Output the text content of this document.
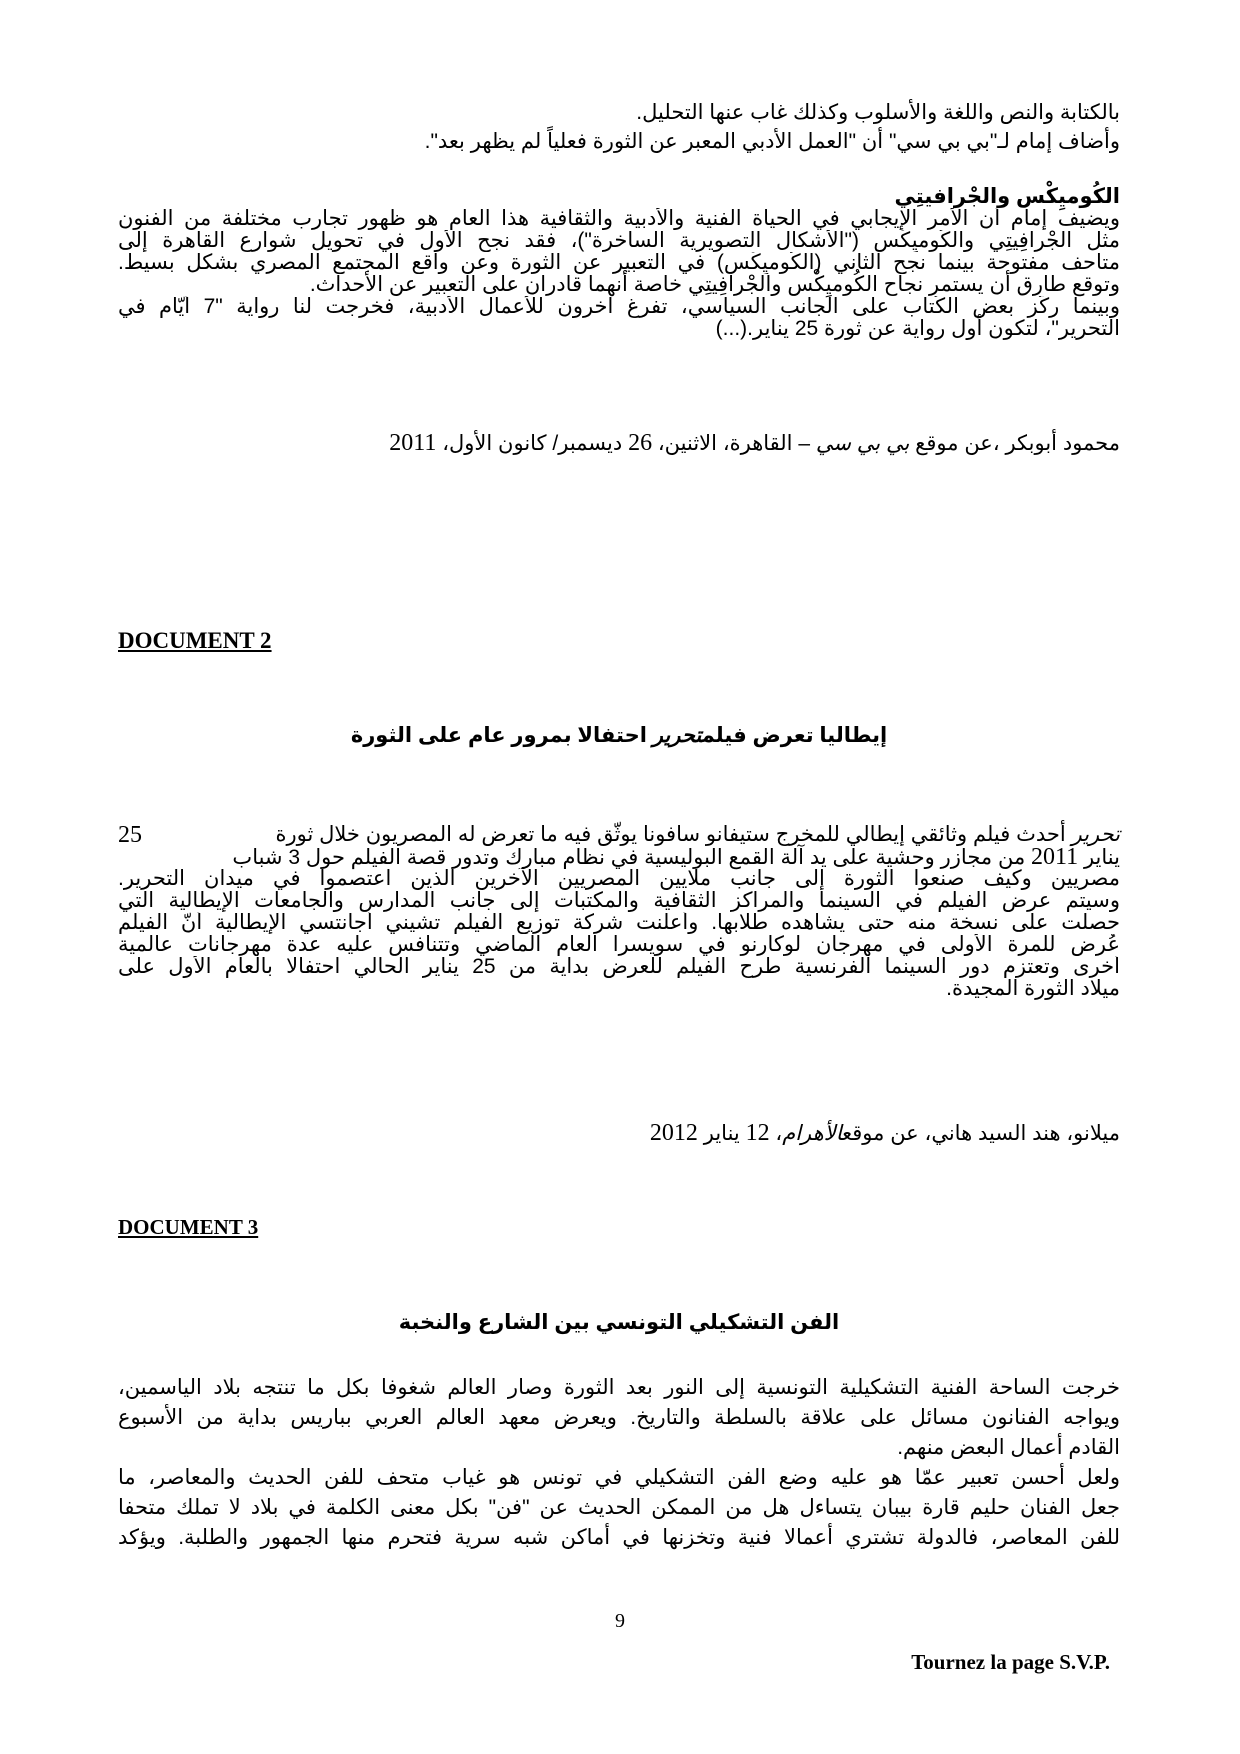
بالكتابة والنص واللغة والأسلوب وكذلك غاب عنها التحليل.
وأضاف إمام لـ"بي بي سي" أن "العمل الأدبي المعبر عن الثورة فعلياً لم يظهر بعد".
الكُوميِكْس والجْرافيتِي
ويضيف إمام أن الأمر الإيجابي في الحياة الفنية والأدبية والثقافية هذا العام هو ظهور تجارب مختلفة من الفنون
مثل الجْرافِيتِي والكُوميِكْس ("الأشكال التصويرية الساخرة")، فقد نجح الأول في تحويل شوارع القاهرة إلى
متاحف مفتوحة بينما نجح الثاني (الكُوميِكْس) في التعبير عن الثورة وعن واقع المجتمع المصري بشكل بسيط.
وتوقع طارق أن يستمر نجاح الكُوميِكْس والجْرافِيتِي خاصة أنهما قادران على التعبير عن الأحداث.
وبينما ركّز بعض الكُتاب على الجانب السياسي، تفرغ آخرون للأعمال الأدبية، فخرجت لنا رواية "7 أيّام في
التحرير"، لتكون أول رواية عن ثورة 25 يناير.(...)
محمود أبوبكر ،عن موقع بي بي سي – القاهرة، الاثنين، 26 ديسمبر/ كانون الأول، 2011
DOCUMENT 2
إيطاليا تعرض فيلمتحرير احتفالا بمرور عام على الثورة
تحرير أحدث فيلم وثائقي إيطالي للمخرج ستيفانو سافونا يوثّق فيه ما تعرض له المصريون خلال ثورة
25
يناير 2011 من مجازر وحشية على يد آلة القمع البوليسية في نظام مبارك وتدور قصة الفيلم حول 3 شباب
مصريين وكيف صنعوا الثورة إلى جانب ملايين المصريين الآخرين الذين اعتصموا في ميدان التحرير.
وسيتم عرض الفيلم في السينما والمراكز الثقافية والمكتبات إلى جانب المدارس والجامعات الإيطالية التي
حصلت على نسخة منه حتى يشاهده طلابها. وأعلنت شركة توزيع الفيلم تشيني أجانتسي الإيطالية أنّ الفيلم
عُرض للمرة الأولى في مهرجان لوكارنو في سويسرا العام الماضي وتتنافس عليه عدة مهرجانات عالمية
أخرى وتعتزم دور السينما الفرنسية طرح الفيلم للعرض بداية من 25 يناير الحالي احتفالا بالعام الأول على
ميلاد الثورة المجيدة.
ميلانو، هند السيد هاني، عن موقعالأهرام، 12 يناير 2012
DOCUMENT 3
الفن التشكيلي التونسي بين الشارع والنخبة
خرجت الساحة الفنية التشكيلية التونسية إلى النور بعد الثورة وصار العالم شغوفا بكل ما تنتجه بلاد الياسمين،
ويواجه الفنانون مسائل على علاقة بالسلطة والتاريخ. ويعرض معهد العالم العربي بباريس بداية من الأسبوع
القادم أعمال البعض منهم.
ولعل أحسن تعبير عمّا هو عليه وضع الفن التشكيلي في تونس هو غياب متحف للفن الحديث والمعاصر، ما
جعل الفنان حليم قارة بيبان يتساءل هل من الممكن الحديث عن "فن" بكل معنى الكلمة في بلاد لا تملك متحفا
للفن المعاصر، فالدولة تشتري أعمالا فنية وتخزنها في أماكن شبه سرية فتحرم منها الجمهور والطلبة. ويؤكد
9
Tournez la page S.V.P.
